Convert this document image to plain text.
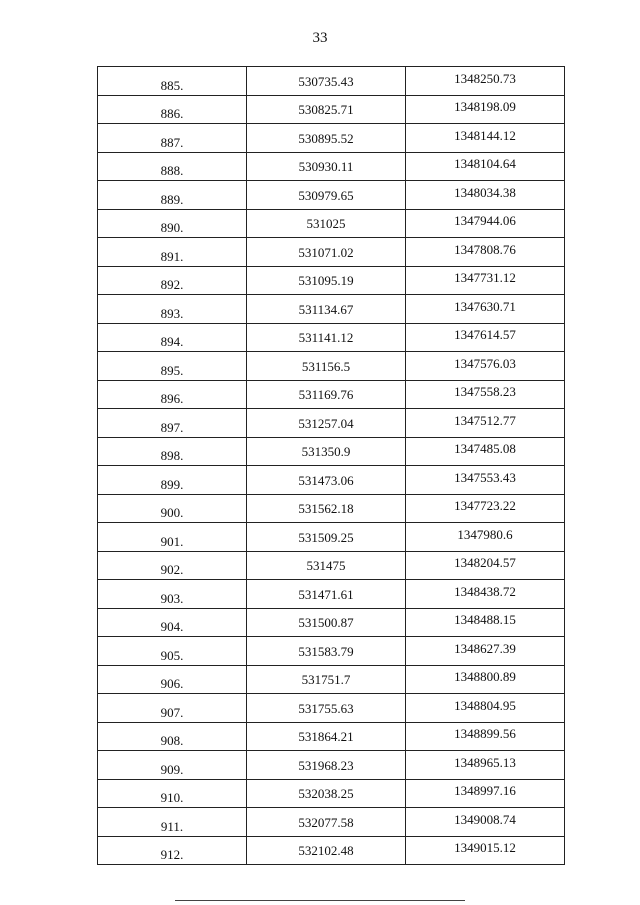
33
885.	530735.43	1348250.73
886.	530825.71	1348198.09
887.	530895.52	1348144.12
888.	530930.11	1348104.64
889.	530979.65	1348034.38
890.	531025	1347944.06
891.	531071.02	1347808.76
892.	531095.19	1347731.12
893.	531134.67	1347630.71
894.	531141.12	1347614.57
895.	531156.5	1347576.03
896.	531169.76	1347558.23
897.	531257.04	1347512.77
898.	531350.9	1347485.08
899.	531473.06	1347553.43
900.	531562.18	1347723.22
901.	531509.25	1347980.6
902.	531475	1348204.57
903.	531471.61	1348438.72
904.	531500.87	1348488.15
905.	531583.79	1348627.39
906.	531751.7	1348800.89
907.	531755.63	1348804.95
908.	531864.21	1348899.56
909.	531968.23	1348965.13
910.	532038.25	1348997.16
911.	532077.58	1349008.74
912.	532102.48	1349015.12
